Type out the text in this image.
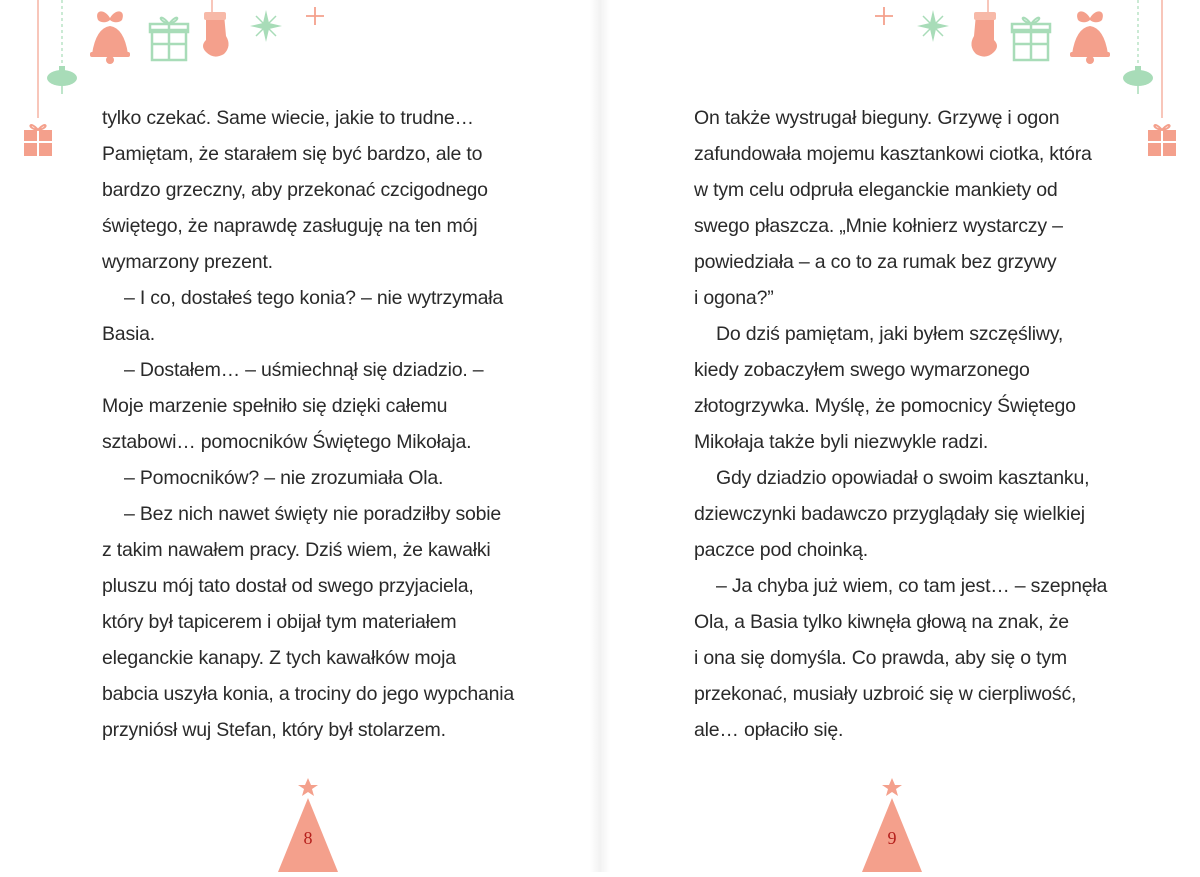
tylko czekać. Same wiecie, jakie to trudne…
Pamiętam, że starałem się być bardzo, ale to
bardzo grzeczny, aby przekonać czcigodnego
świętego, że naprawdę zasługuję na ten mój
wymarzony prezent.
– I co, dostałeś tego konia? – nie wytrzymała
Basia.
– Dostałem… – uśmiechnął się dziadzio. –
Moje marzenie spełniło się dzięki całemu
sztabowi… pomocników Świętego Mikołaja.
– Pomocników? – nie zrozumiała Ola.
– Bez nich nawet święty nie poradziłby sobie
z takim nawałem pracy. Dziś wiem, że kawałki
pluszu mój tato dostał od swego przyjaciela,
który był tapicerem i obijał tym materiałem
eleganckie kanapy. Z tych kawałków moja
babcia uszyła konia, a trociny do jego wypchania
przyniósł wuj Stefan, który był stolarzem.
8
On także wystrugał bieguny. Grzywę i ogon
zafundowała mojemu kasztankowi ciotka, która
w tym celu odpruła eleganckie mankiety od
swego płaszcza. „Mnie kołnierz wystarczy –
powiedziała – a co to za rumak bez grzywy
i ogona?”
Do dziś pamiętam, jaki byłem szczęśliwy,
kiedy zobaczyłem swego wymarzonego
złotogrzywka. Myślę, że pomocnicy Świętego
Mikołaja także byli niezwykle radzi.
Gdy dziadzio opowiadał o swoim kasztanku,
dziewczynki badawczo przyglądały się wielkiej
paczce pod choinką.
– Ja chyba już wiem, co tam jest… – szepnęła
Ola, a Basia tylko kiwnęła głową na znak, że
i ona się domyśla. Co prawda, aby się o tym
przekonać, musiały uzbroić się w cierpliwość,
ale… opłaciło się.
9
